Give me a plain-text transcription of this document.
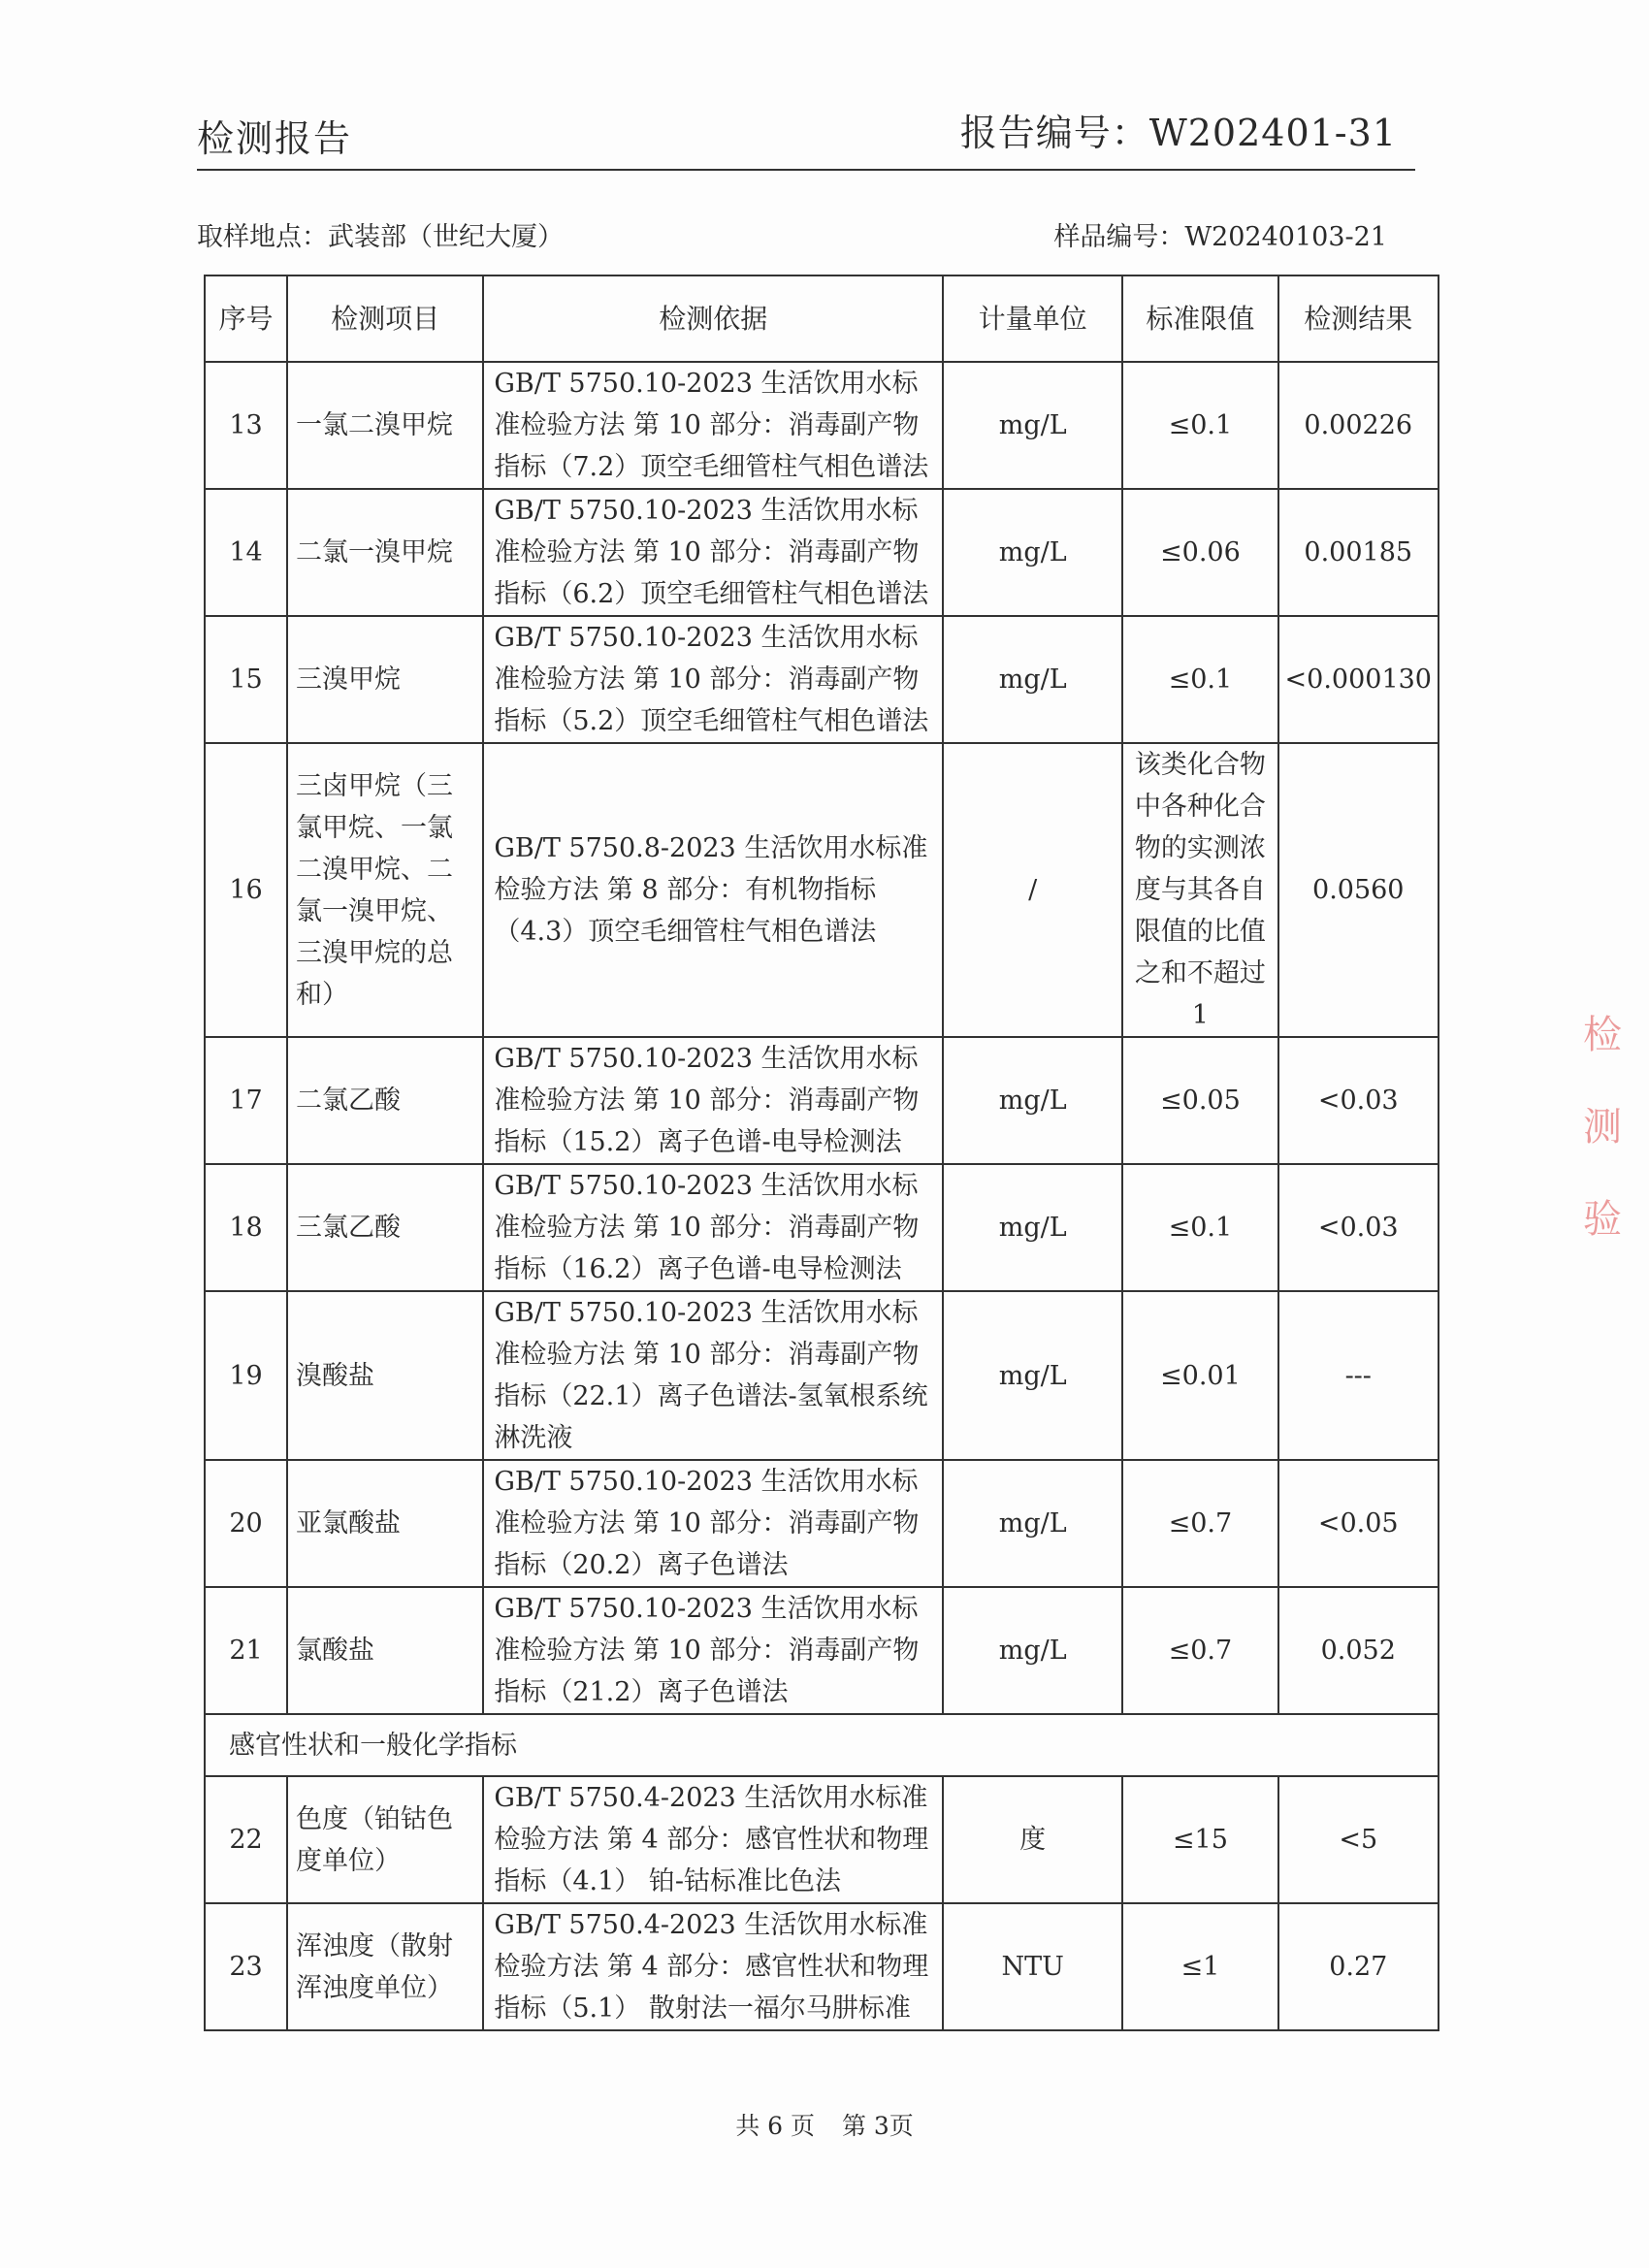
检测报告	报告编号：W202401-31
取样地点：武装部（世纪大厦）	样品编号：W20240103-21
序号	检测项目	检测依据	计量单位	标准限值	检测结果
13	一氯二溴甲烷	GB/T 5750.10-2023 生活饮用水标准检验方法 第 10 部分：消毒副产物指标（7.2）顶空毛细管柱气相色谱法	mg/L	≤0.1	0.00226
14	二氯一溴甲烷	GB/T 5750.10-2023 生活饮用水标准检验方法 第 10 部分：消毒副产物指标（6.2）顶空毛细管柱气相色谱法	mg/L	≤0.06	0.00185
15	三溴甲烷	GB/T 5750.10-2023 生活饮用水标准检验方法 第 10 部分：消毒副产物指标（5.2）顶空毛细管柱气相色谱法	mg/L	≤0.1	<0.000130
16	三卤甲烷（三氯甲烷、一氯二溴甲烷、二氯一溴甲烷、三溴甲烷的总和）	GB/T 5750.8-2023 生活饮用水标准检验方法 第 8 部分：有机物指标（4.3）顶空毛细管柱气相色谱法	/	该类化合物中各种化合物的实测浓度与其各自限值的比值之和不超过1	0.0560
17	二氯乙酸	GB/T 5750.10-2023 生活饮用水标准检验方法 第 10 部分：消毒副产物指标（15.2）离子色谱-电导检测法	mg/L	≤0.05	<0.03
18	三氯乙酸	GB/T 5750.10-2023 生活饮用水标准检验方法 第 10 部分：消毒副产物指标（16.2）离子色谱-电导检测法	mg/L	≤0.1	<0.03
19	溴酸盐	GB/T 5750.10-2023 生活饮用水标准检验方法 第 10 部分：消毒副产物指标（22.1）离子色谱法-氢氧根系统淋洗液	mg/L	≤0.01	---
20	亚氯酸盐	GB/T 5750.10-2023 生活饮用水标准检验方法 第 10 部分：消毒副产物指标（20.2）离子色谱法	mg/L	≤0.7	<0.05
21	氯酸盐	GB/T 5750.10-2023 生活饮用水标准检验方法 第 10 部分：消毒副产物指标（21.2）离子色谱法	mg/L	≤0.7	0.052
感官性状和一般化学指标					
22	色度（铂钴色度单位）	GB/T 5750.4-2023 生活饮用水标准检验方法 第 4 部分：感官性状和物理指标（4.1） 铂-钴标准比色法	度	≤15	<5
23	浑浊度（散射浑浊度单位）	GB/T 5750.4-2023 生活饮用水标准检验方法 第 4 部分：感官性状和物理指标（5.1） 散射法一福尔马肼标准	NTU	≤1	0.27
共 6 页 第 3页
检 测 验
